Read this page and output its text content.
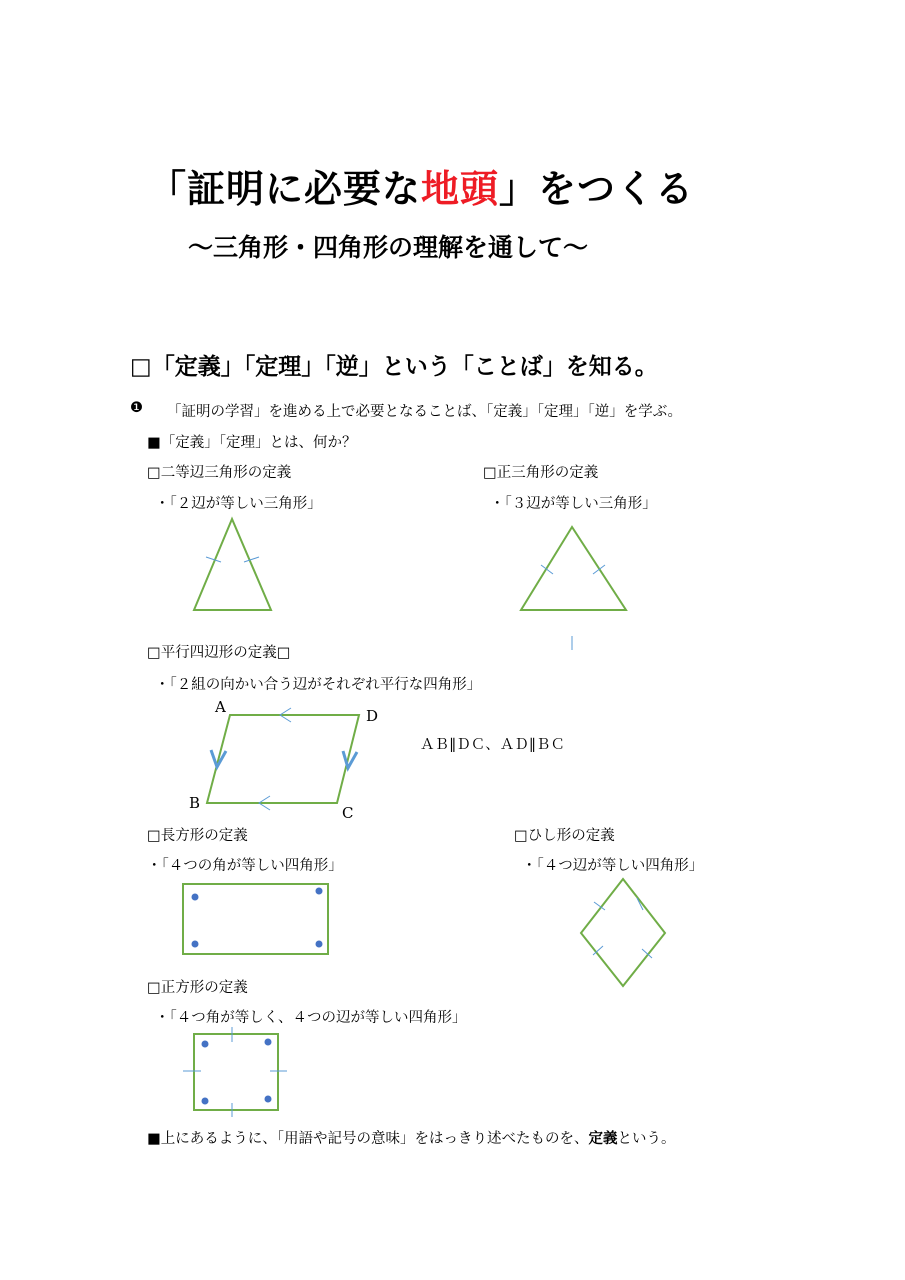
「証明に必要な地頭」をつくる
～三角形・四角形の理解を通して～
□「定義」「定理」「逆」という「ことば」を知る。
❶ 「証明の学習」を進める上で必要となることば、「定義」「定理」「逆」を学ぶ。
■「定義」「定理」とは、何か？
□二等辺三角形の定義
・「２辺が等しい三角形」
□正三角形の定義
・「３辺が等しい三角形」
□平行四辺形の定義□
・「２組の向かい合う辺がそれぞれ平行な四角形」
A
B
C
D
ＡＢ∥ＤＣ、ＡＤ∥ＢＣ
□長方形の定義
・「４つの角が等しい四角形」
□ひし形の定義
・「４つ辺が等しい四角形」
□正方形の定義
・「４つ角が等しく、４つの辺が等しい四角形」
■上にあるように、「用語や記号の意味」をはっきり述べたものを、定義という。
